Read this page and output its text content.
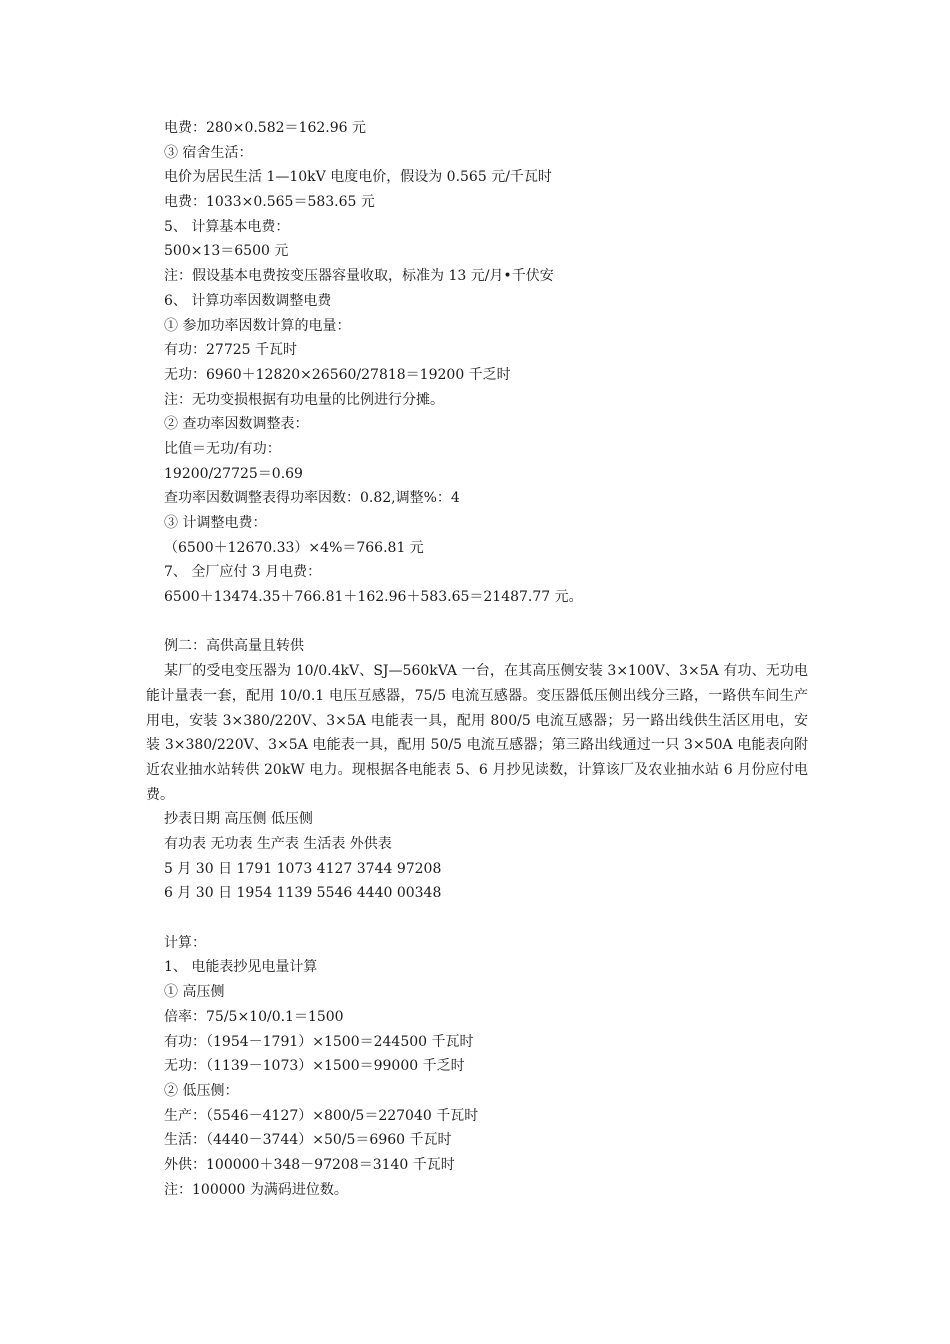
电费：280×0.582＝162.96 元
③ 宿舍生活：
电价为居民生活 1—10kV 电度电价，假设为 0.565 元/千瓦时
电费：1033×0.565＝583.65 元
5、 计算基本电费：
500×13＝6500 元
注：假设基本电费按变压器容量收取，标准为 13 元/月•千伏安
6、 计算功率因数调整电费
① 参加功率因数计算的电量：
有功：27725 千瓦时
无功：6960＋12820×26560/27818＝19200 千乏时
注：无功变损根据有功电量的比例进行分摊。
② 查功率因数调整表：
比值＝无功/有功：
19200/27725＝0.69
查功率因数调整表得功率因数：0.82,调整%：4
③ 计调整电费：
（6500＋12670.33）×4%＝766.81 元
7、 全厂应付 3 月电费：
6500＋13474.35＋766.81＋162.96＋583.65＝21487.77 元。
例二：高供高量且转供
某厂的受电变压器为 10/0.4kV、SJ—560kVA 一台，在其高压侧安装 3×100V、3×5A 有功、无功电能计量表一套，配用 10/0.1 电压互感器，75/5 电流互感器。变压器低压侧出线分三路，一路供车间生产用电，安装 3×380/220V、3×5A 电能表一具，配用 800/5 电流互感器；另一路出线供生活区用电，安装 3×380/220V、3×5A 电能表一具，配用 50/5 电流互感器；第三路出线通过一只 3×50A 电能表向附近农业抽水站转供 20kW 电力。现根据各电能表 5、6 月抄见读数，计算该厂及农业抽水站 6 月份应付电费。
抄表日期 高压侧 低压侧
有功表 无功表 生产表 生活表 外供表
5 月 30 日 1791 1073 4127 3744 97208
6 月 30 日 1954 1139 5546 4440 00348
计算：
1、 电能表抄见电量计算
① 高压侧
倍率：75/5×10/0.1＝1500
有功：（1954－1791）×1500＝244500 千瓦时
无功：（1139－1073）×1500＝99000 千乏时
② 低压侧：
生产：（5546－4127）×800/5＝227040 千瓦时
生活：（4440－3744）×50/5＝6960 千瓦时
外供：100000＋348－97208＝3140 千瓦时
注：100000 为满码进位数。
